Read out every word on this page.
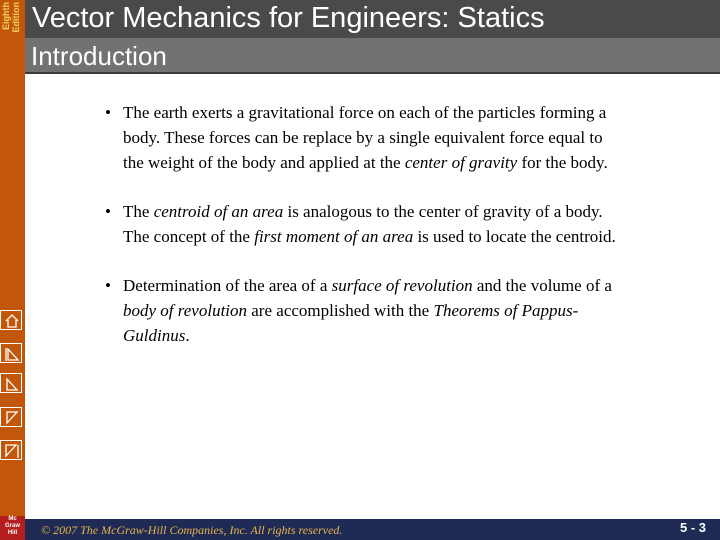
Eighth Edition Vector Mechanics for Engineers: Statics
Introduction
• The earth exerts a gravitational force on each of the particles forming a body. These forces can be replace by a single equivalent force equal to the weight of the body and applied at the center of gravity for the body.
• The centroid of an area is analogous to the center of gravity of a body. The concept of the first moment of an area is used to locate the centroid.
• Determination of the area of a surface of revolution and the volume of a body of revolution are accomplished with the Theorems of Pappus-Guldinus.
Mc
Graw
Hill	© 2007 The McGraw-Hill Companies, Inc. All rights reserved.	5 - 3
